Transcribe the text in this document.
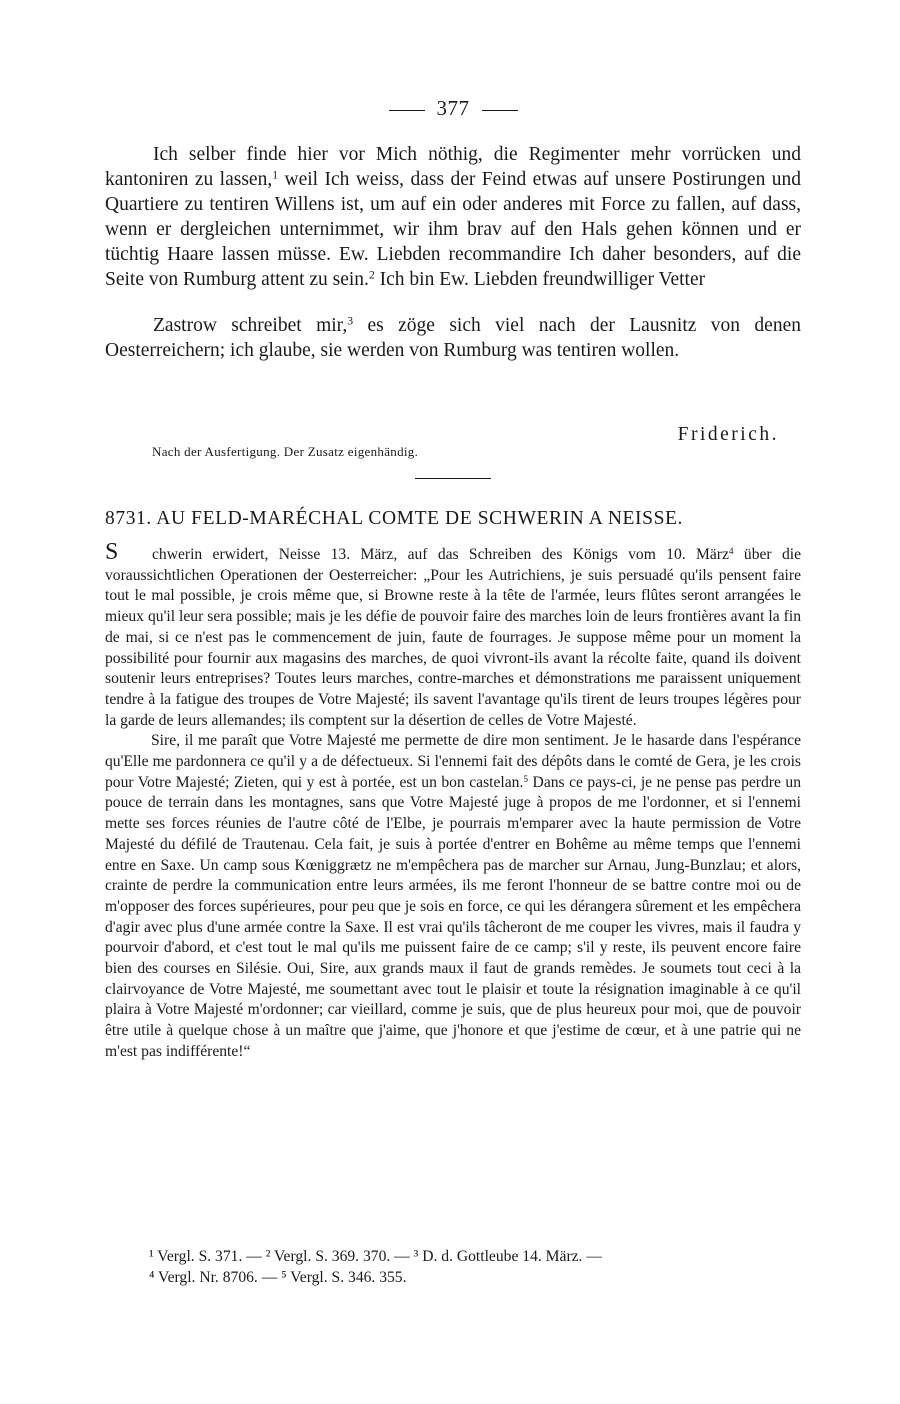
377

Ich selber finde hier vor Mich nöthig, die Regimenter mehr vorrücken und kantoniren zu lassen,$^1$ weil Ich weiss, dass der Feind etwas auf unsere Postirungen und Quartiere zu tentiren Willens ist, um auf ein oder anderes mit Force zu fallen, auf dass, wenn er dergleichen unternimmet, wir ihm brav auf den Hals gehen können und er tüchtig Haare lassen müsse. Ew. Liebden recommandire Ich daher besonders, auf die Seite von Rumburg attent zu sein.$^2$ Ich bin Ew. Liebden freundwilliger Vetter

Zastrow schreibet mir,$^3$ es zöge sich viel nach der Lausnitz von denen Oesterreichern; ich glaube, sie werden von Rumburg was tentiren wollen.

Friderich.
Nach der Ausfertigung. Der Zusatz eigenhändig.
8731. AU FELD-MARÉCHAL COMTE DE SCHWERIN A NEISSE.

S chwerin erwidert, Neisse 13. März, auf das Schreiben des Königs vom 10. März$^4$ über die voraussichtlichen Operationen der Oesterreicher: „Pour les Autrichiens, je suis persuadé qu'ils pensent faire tout le mal possible, je crois même que, si Browne reste à la tête de l'armée, leurs flûtes seront arrangées le mieux qu'il leur sera possible; mais je les défie de pouvoir faire des marches loin de leurs frontières avant la fin de mai, si ce n'est pas le commencement de juin, faute de fourrages. Je suppose même pour un moment la possibilité pour fournir aux magasins des marches, de quoi vivront-ils avant la récolte faite, quand ils doivent soutenir leurs entreprises? Toutes leurs marches, contre-marches et démonstrations me paraissent uniquement tendre à la fatigue des troupes de Votre Majesté; ils savent l'avantage qu'ils tirent de leurs troupes légères pour la garde de leurs allemandes; ils comptent sur la désertion de celles de Votre Majesté.

Sire, il me paraît que Votre Majesté me permette de dire mon sentiment. Je le hasarde dans l'espérance qu'Elle me pardonnera ce qu'il y a de défectueux. Si l'ennemi fait des dépôts dans le comté de Gera, je les crois pour Votre Majesté; Zieten, qui y est à portée, est un bon castelan.$^5$ Dans ce pays-ci, je ne pense pas perdre un pouce de terrain dans les montagnes, sans que Votre Majesté juge à propos de me l'ordonner, et si l'ennemi mette ses forces réunies de l'autre côté de l'Elbe, je pourrais m'emparer avec la haute permission de Votre Majesté du défilé de Trautenau. Cela fait, je suis à portée d'entrer en Bohême au même temps que l'ennemi entre en Saxe. Un camp sous Kœniggrætz ne m'empêchera pas de marcher sur Arnau, Jung-Bunzlau; et alors, crainte de perdre la communication entre leurs armées, ils me feront l'honneur de se battre contre moi ou de m'opposer des forces supérieures, pour peu que je sois en force, ce qui les dérangera sûrement et les empêchera d'agir avec plus d'une armée contre la Saxe. Il est vrai qu'ils tâcheront de me couper les vivres, mais il faudra y pourvoir d'abord, et c'est tout le mal qu'ils me puissent faire de ce camp; s'il y reste, ils peuvent encore faire bien des courses en Silésie. Oui, Sire, aux grands maux il faut de grands remèdes. Je soumets tout ceci à la clairvoyance de Votre Majesté, me soumettant avec tout le plaisir et toute la résignation imaginable à ce qu'il plaira à Votre Majesté m'ordonner; car vieillard, comme je suis, que de plus heureux pour moi, que de pouvoir être utile à quelque chose à un maître que j'aime, que j'honore et que j'estime de cœur, et à une patrie qui ne m'est pas indifférente!“

¹ Vergl. S. 371. — ² Vergl. S. 369. 370. — ³ D. d. Gottleube 14. März. —

⁴ Vergl. Nr. 8706. — ⁵ Vergl. S. 346. 355.
